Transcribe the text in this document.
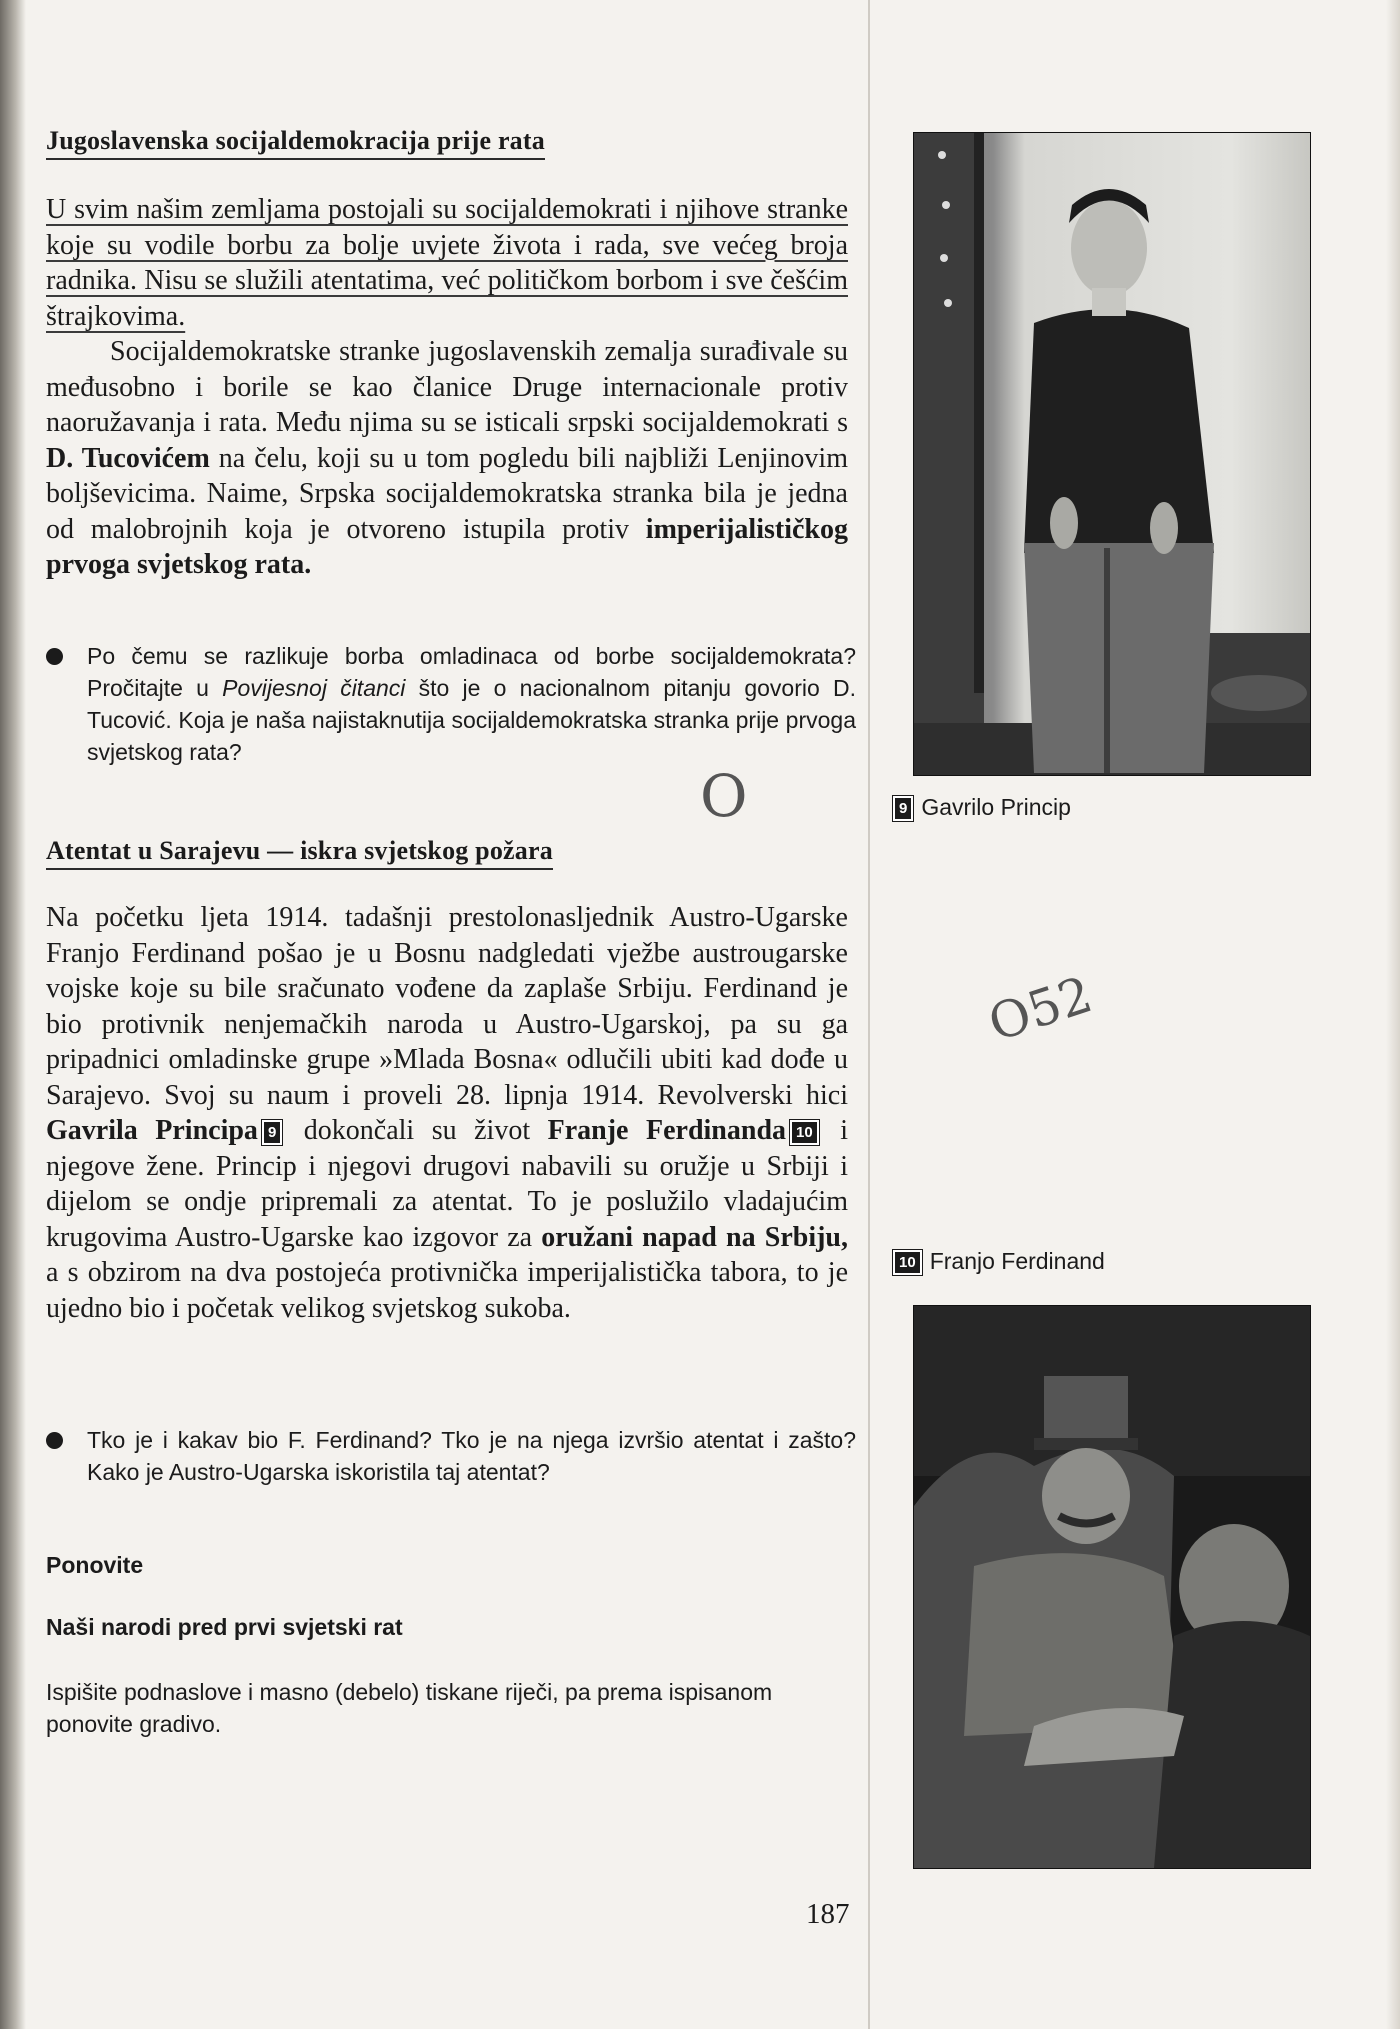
Jugoslavenska socijaldemokracija prije rata

U svim našim zemljama postojali su socijaldemokrati i njihove stranke koje su vodile borbu za bolje uvjete života i rada, sve većeg broja radnika. Nisu se služili atentatima, već političkom borbom i sve češćim štrajkovima.

Socijaldemokratske stranke jugoslavenskih zemalja surađivale su međusobno i borile se kao članice Druge internacionale protiv naoružavanja i rata. Među njima su se isticali srpski socijaldemokrati s D. Tucovićem na čelu, koji su u tom pogledu bili najbliži Lenjinovim boljševicima. Naime, Srpska socijaldemokratska stranka bila je jedna od malobrojnih koja je otvoreno istupila protiv imperijalističkog prvoga svjetskog rata.

Po čemu se razlikuje borba omladinaca od borbe socijaldemokrata? Pročitajte u Povijesnoj čitanci što je o nacionalnom pitanju govorio D. Tucović. Koja je naša najistaknutija socijaldemokratska stranka prije prvoga svjetskog rata?
O
Atentat u Sarajevu — iskra svjetskog požara

Na početku ljeta 1914. tadašnji prestolonasljednik Austro-Ugarske Franjo Ferdinand pošao je u Bosnu nadgledati vježbe austrougarske vojske koje su bile sračunato vođene da zaplaše Srbiju. Ferdinand je bio protivnik nenjemačkih naroda u Austro-Ugarskoj, pa su ga pripadnici omladinske grupe »Mlada Bosna« odlučili ubiti kad dođe u Sarajevo. Svoj su naum i proveli 28. lipnja 1914. Revolverski hici Gavrila Principa 9 dokončali su život Franje Ferdinanda 10 i njegove žene. Princip i njegovi drugovi nabavili su oružje u Srbiji i dijelom se ondje pripremali za atentat. To je poslužilo vladajućim krugovima Austro-Ugarske kao izgovor za oružani napad na Srbiju, a s obzirom na dva postojeća protivnička imperijalistička tabora, to je ujedno bio i početak velikog svjetskog sukoba.

Tko je i kakav bio F. Ferdinand? Tko je na njega izvršio atentat i zašto? Kako je Austro-Ugarska iskoristila taj atentat?
Ponovite
Naši narodi pred prvi svjetski rat
Ispišite podnaslove i masno (debelo) tiskane riječi, pa prema ispisanom ponovite gradivo.
9 Gavrilo Princip
O52
10 Franjo Ferdinand
187
